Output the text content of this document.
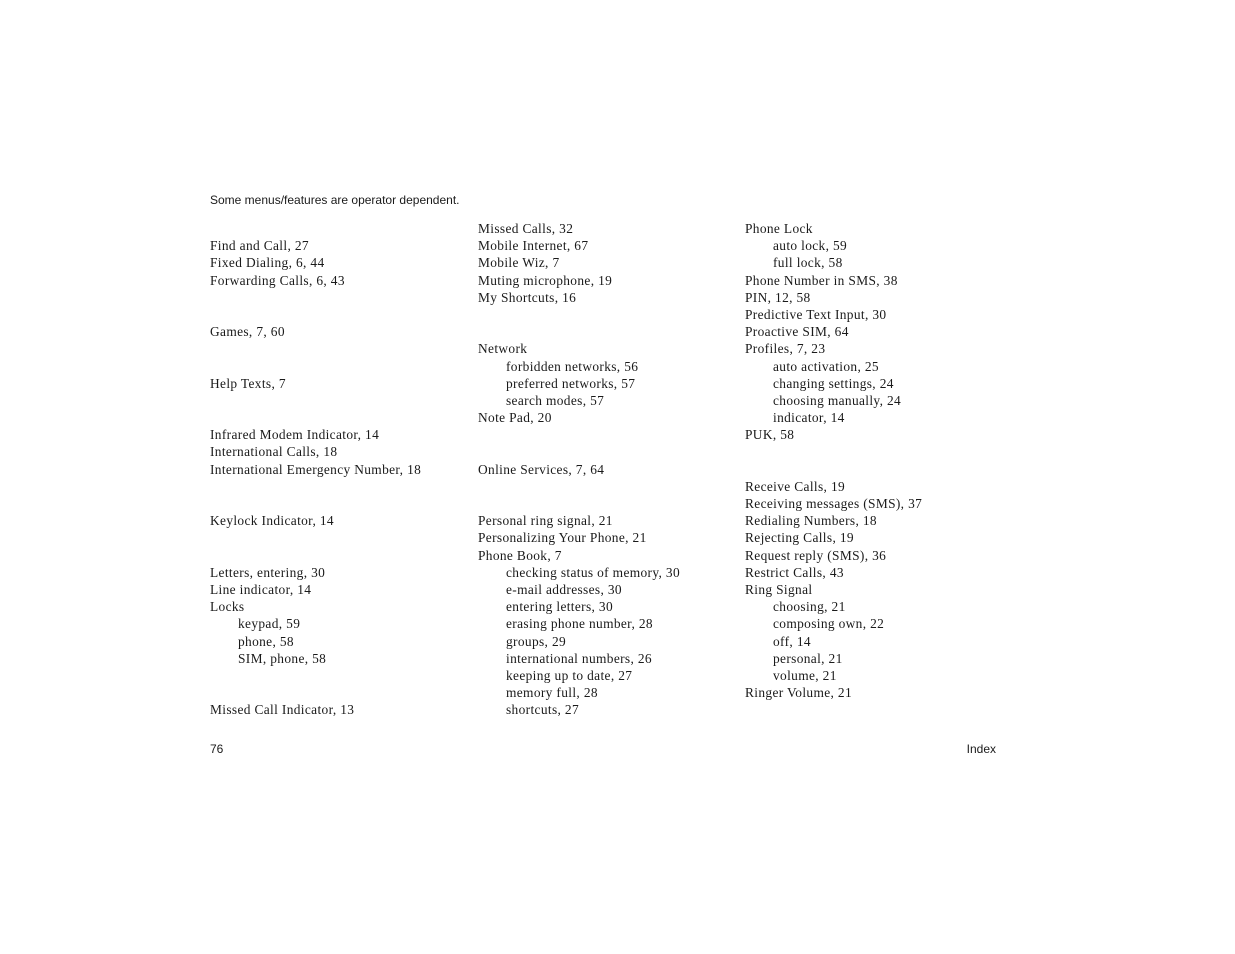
Some menus/features are operator dependent.

Find and Call, 27
Fixed Dialing, 6, 44
Forwarding Calls, 6, 43

Games, 7, 60

Help Texts, 7

Infrared Modem Indicator, 14
International Calls, 18
International Emergency Number, 18

Keylock Indicator, 14

Letters, entering, 30
Line indicator, 14
Locks
keypad, 59
phone, 58
SIM, phone, 58

Missed Call Indicator, 13
Missed Calls, 32
Mobile Internet, 67
Mobile Wiz, 7
Muting microphone, 19
My Shortcuts, 16

Network
forbidden networks, 56
preferred networks, 57
search modes, 57
Note Pad, 20

Online Services, 7, 64

Personal ring signal, 21
Personalizing Your Phone, 21
Phone Book, 7
checking status of memory, 30
e-mail addresses, 30
entering letters, 30
erasing phone number, 28
groups, 29
international numbers, 26
keeping up to date, 27
memory full, 28
shortcuts, 27
Phone Lock
auto lock, 59
full lock, 58
Phone Number in SMS, 38
PIN, 12, 58
Predictive Text Input, 30
Proactive SIM, 64
Profiles, 7, 23
auto activation, 25
changing settings, 24
choosing manually, 24
indicator, 14
PUK, 58

Receive Calls, 19
Receiving messages (SMS), 37
Redialing Numbers, 18
Rejecting Calls, 19
Request reply (SMS), 36
Restrict Calls, 43
Ring Signal
choosing, 21
composing own, 22
off, 14
personal, 21
volume, 21
Ringer Volume, 21
76	Index
